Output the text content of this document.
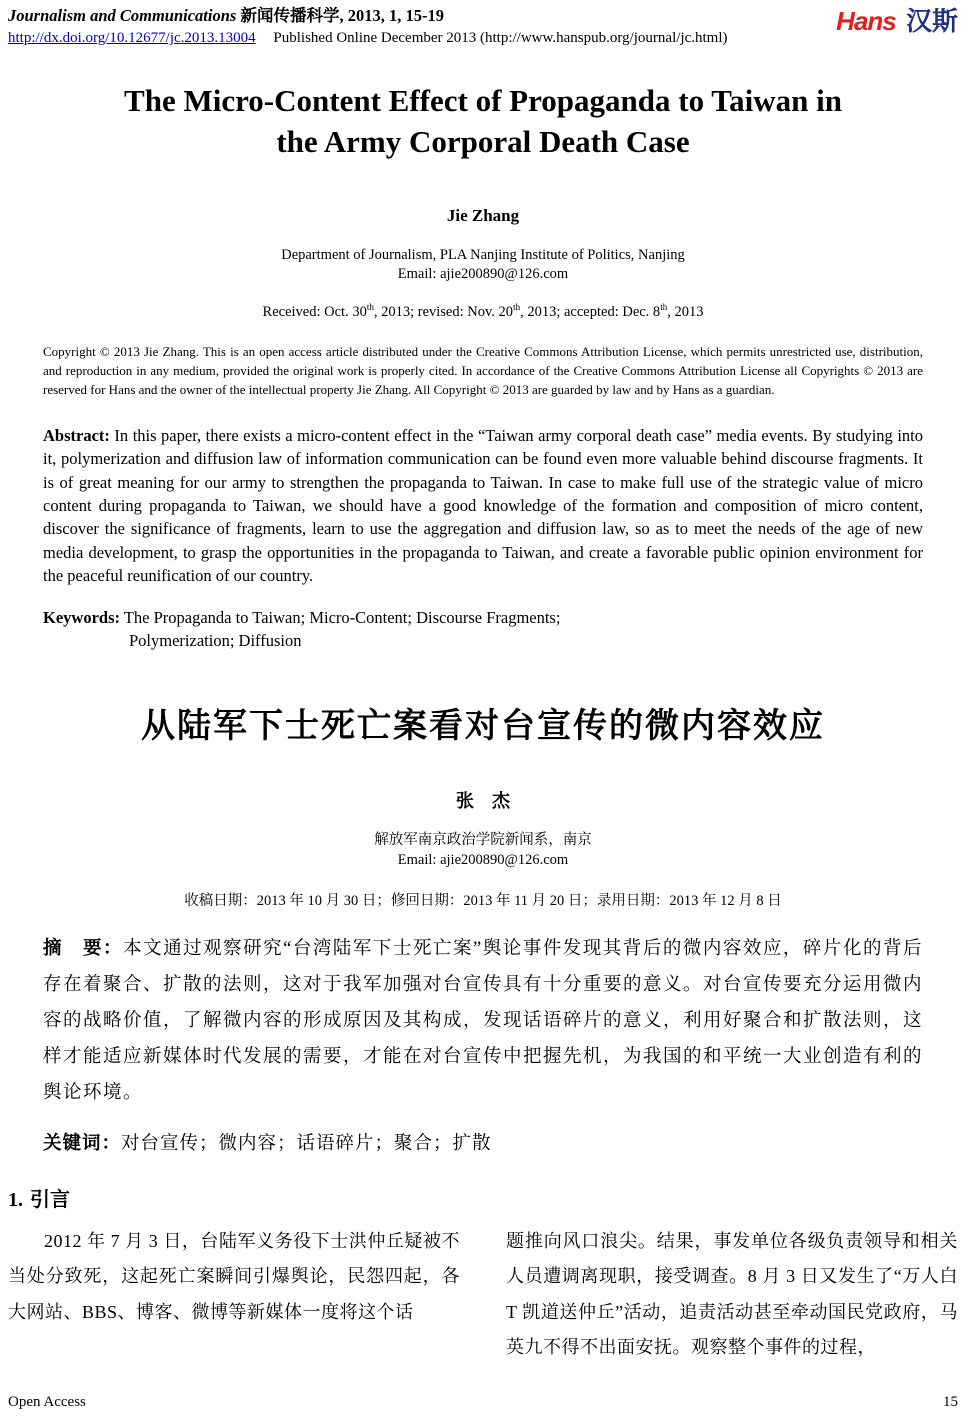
Journalism and Communications 新闻传播科学, 2013, 1, 15-19
http://dx.doi.org/10.12677/jc.2013.13004 Published Online December 2013 (http://www.hanspub.org/journal/jc.html)
Hans 汉斯
The Micro-Content Effect of Propaganda to Taiwan in
the Army Corporal Death Case
Jie Zhang
Department of Journalism, PLA Nanjing Institute of Politics, Nanjing
Email: ajie200890@126.com
Received: Oct. 30th, 2013; revised: Nov. 20th, 2013; accepted: Dec. 8th, 2013

Copyright © 2013 Jie Zhang. This is an open access article distributed under the Creative Commons Attribution License, which permits unrestricted use, distribution, and reproduction in any medium, provided the original work is properly cited. In accordance of the Creative Commons Attribution License all Copyrights © 2013 are reserved for Hans and the owner of the intellectual property Jie Zhang. All Copyright © 2013 are guarded by law and by Hans as a guardian.

Abstract: In this paper, there exists a micro-content effect in the “Taiwan army corporal death case” media events. By studying into it, polymerization and diffusion law of information communication can be found even more valuable behind discourse fragments. It is of great meaning for our army to strengthen the propaganda to Taiwan. In case to make full use of the strategic value of micro content during propaganda to Taiwan, we should have a good knowledge of the formation and composition of micro content, discover the significance of fragments, learn to use the aggregation and diffusion law, so as to meet the needs of the age of new media development, to grasp the opportunities in the propaganda to Taiwan, and create a favorable public opinion environment for the peaceful reunification of our country.

Keywords: The Propaganda to Taiwan; Micro-Content; Discourse Fragments;
Polymerization; Diffusion
从陆军下士死亡案看对台宣传的微内容效应
张　杰
解放军南京政治学院新闻系，南京
Email: ajie200890@126.com
收稿日期：2013 年 10 月 30 日；修回日期：2013 年 11 月 20 日；录用日期：2013 年 12 月 8 日

摘　要：本文通过观察研究“台湾陆军下士死亡案”舆论事件发现其背后的微内容效应，碎片化的背后存在着聚合、扩散的法则，这对于我军加强对台宣传具有十分重要的意义。对台宣传要充分运用微内容的战略价值，了解微内容的形成原因及其构成，发现话语碎片的意义，利用好聚合和扩散法则，这样才能适应新媒体时代发展的需要，才能在对台宣传中把握先机，为我国的和平统一大业创造有利的舆论环境。

关键词：对台宣传；微内容；话语碎片；聚合；扩散

1. 引言

2012 年 7 月 3 日，台陆军义务役下士洪仲丘疑被不当处分致死，这起死亡案瞬间引爆舆论，民怨四起，各大网站、BBS、博客、微博等新媒体一度将这个话

题推向风口浪尖。结果，事发单位各级负责领导和相关人员遭调离现职，接受调查。8 月 3 日又发生了“万人白 T 凯道送仲丘”活动，追责活动甚至牵动国民党政府，马英九不得不出面安抚。观察整个事件的过程，

Open Access	15
